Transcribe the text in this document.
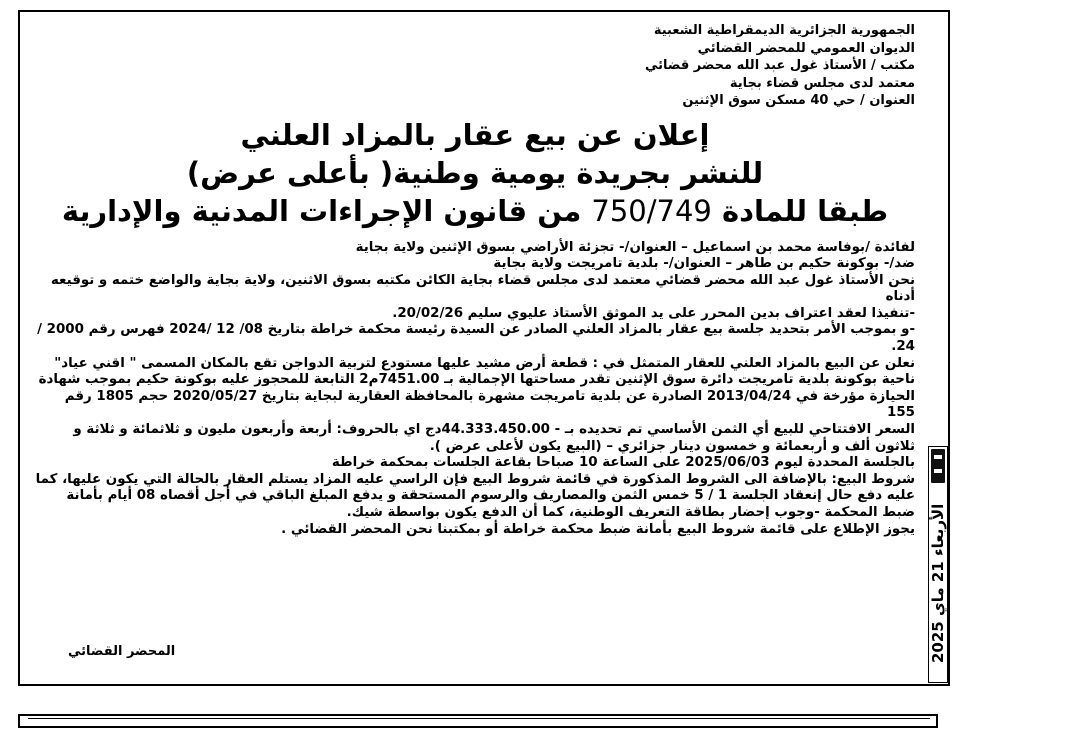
الجمهورية الجزائرية الديمقراطية الشعبية
الديوان العمومي للمحضر القضائي
مكتب / الأستاذ غول عبد الله محضر قضائي
معتمد لدى مجلس قضاء بجاية
العنوان / حي 40 مسكن سوق الإثنين
إعلان عن بيع عقار بالمزاد العلني
للنشر بجريدة يومية وطنية( بأعلى عرض)
طبقا للمادة 750/749 من قانون الإجراءات المدنية والإدارية

لفائدة /بوفاسة محمد بن اسماعيل – العنوان/- تجزئة الأراضي بسوق الإثنين ولاية بجاية

ضد/- بوكونة حكيم بن طاهر – العنوان/- بلدية تامريجت ولاية بجاية

نحن الأستاذ غول عبد الله محضر قضائي معتمد لدى مجلس قضاء بجاية الكائن مكتبه بسوق الاثنين، ولاية بجاية والواضع ختمه و توقيعه أدناه

-تنفيذا لعقد اعتراف بدين المحرر على يد الموثق الأستاذ عليوي سليم 20/02/26.

-و بموجب الأمر بتحديد جلسة بيع عقار بالمزاد العلني الصادر عن السيدة رئيسة محكمة خراطة بتاريخ 08/ 12 /2024 فهرس رقم 2000 / 24.

نعلن عن البيع بالمزاد العلني للعقار المتمثل في : قطعة أرض مشيد عليها مستودع لتربية الدواجن تقع بالمكان المسمى " اقني عياد" ناحية بوكونة بلدية تامريجت دائرة سوق الإثنين تقدر مساحتها الإجمالية بـ 7451.00م2 التابعة للمحجوز عليه بوكونة حكيم بموجب شهادة الحيازة مؤرخة في 2013/04/24 الصادرة عن بلدية تامريجت مشهرة بالمحافظة العقارية لبجاية بتاريخ 2020/05/27 حجم 1805 رقم 155

السعر الافتتاحي للبيع أي الثمن الأساسي تم تحديده بـ - 44.333.450.00دج اي بالحروف: أربعة وأربعون مليون و ثلاثمائة و ثلاثة و ثلاثون ألف و أربعمائة و خمسون دينار جزائري – (البيع يكون لأعلى عرض ).

بالجلسة المحددة ليوم 2025/06/03 على الساعة 10 صباحا بقاعة الجلسات بمحكمة خراطة

شروط البيع: بالإضافة الى الشروط المذكورة في قائمة شروط البيع فإن الراسي عليه المزاد يستلم العقار بالحالة التي يكون عليها، كما عليه دفع حال إنعقاد الجلسة 1 / 5 خمس الثمن والمصاريف والرسوم المستحقة و يدفع المبلغ الباقي في أجل أقصاه 08 أيام بأمانة ضبط المحكمة -وجوب إحضار بطاقة التعريف الوطنية، كما أن الدفع يكون بواسطة شيك.

يجوز الإطلاع على قائمة شروط البيع بأمانة ضبط محكمة خراطة أو بمكتبنا نحن المحضر القضائي .

المحضر القضائي	الأربعاء 21 ماي 2025
